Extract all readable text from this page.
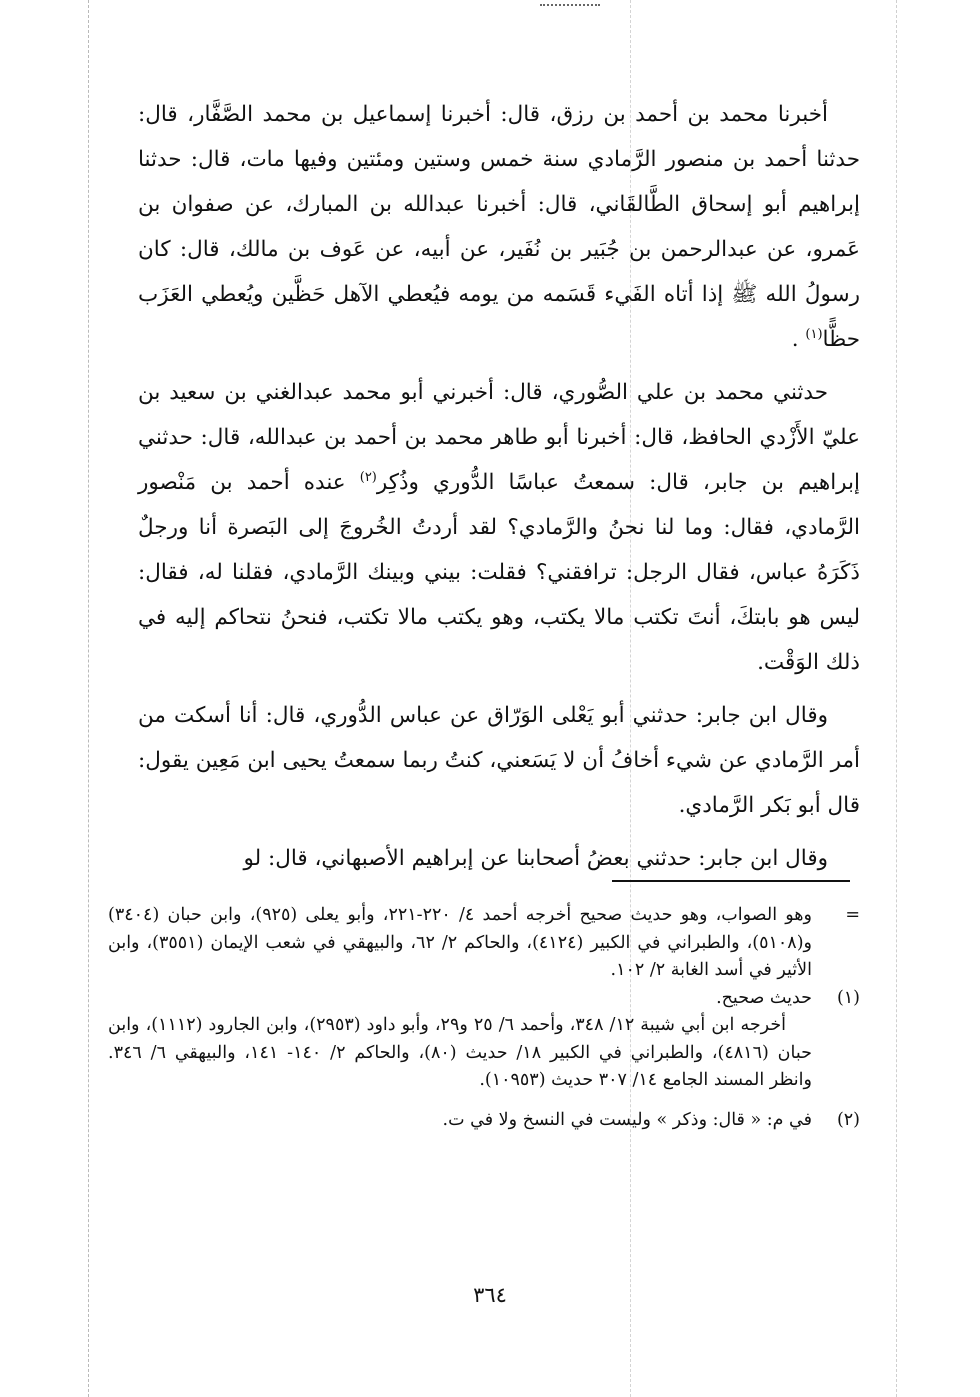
أخبرنا محمد بن أحمد بن رزق، قال: أخبرنا إسماعيل بن محمد الصَّفَّار، قال: حدثنا أحمد بن منصور الرَّمادي سنة خمس وستين ومئتين وفيها مات، قال: حدثنا إبراهيم أبو إسحاق الطَّالقَاني، قال: أخبرنا عبدالله بن المبارك، عن صفوان بن عَمرو، عن عبدالرحمن بن جُبَير بن نُفَير، عن أبيه، عن عَوف بن مالك، قال: كان رسولُ الله ﷺ إذا أتاه الفَيء قَسَمه من يومه فيُعطي الآهل حَظَّين ويُعطي العَزَب حظًّا$^{(١)}$ .

حدثني محمد بن علي الصُّوري، قال: أخبرني أبو محمد عبدالغني بن سعيد بن عليّ الأَزْدي الحافظ، قال: أخبرنا أبو طاهر محمد بن أحمد بن عبدالله، قال: حدثني إبراهيم بن جابر، قال: سمعتُ عباسًا الدُّوري وذُكِر$^{(٢)}$ عنده أحمد بن مَنْصور الرَّمادي، فقال: وما لنا نحنُ والرَّمادي؟ لقد أردتُ الخُروجَ إلى البَصرة أنا ورجلٌ ذَكَرَهُ عباس، فقال الرجل: ترافقني؟ فقلت: بيني وبينك الرَّمادي، فقلنا له، فقال: ليس هو بابتكَ، أنتَ تكتب مالا يكتب، وهو يكتب مالا تكتب، فنحنُ نتحاكم إليه في ذلك الوَقْت.

وقال ابن جابر: حدثني أبو يَعْلى الوَرّاق عن عباس الدُّوري، قال: أنا أسكت من أمر الرَّمادي عن شيء أخافُ أن لا يَسَعني، كنتُ ربما سمعتُ يحيى ابن مَعِين يقول: قال أبو بَكر الرَّمادي.

وقال ابن جابر: حدثني بعضُ أصحابنا عن إبراهيم الأصبهاني، قال: لو

=
وهو الصواب، وهو حديث صحيح أخرجه أحمد ٤/ ٢٢٠-٢٢١، وأبو يعلى (٩٢٥)، وابن حبان (٣٤٠٤) و(٥١٠٨)، والطبراني في الكبير (٤١٢٤)، والحاكم ٢/ ٦٢، والبيهقي في شعب الإيمان (٣٥٥١)، وابن الأثير في أسد الغابة ٢/ ١٠٢.
(١)
حديث صحيح.

أخرجه ابن أبي شيبة ١٢/ ٣٤٨، وأحمد ٦/ ٢٥ و٢٩، وأبو داود (٢٩٥٣)، وابن الجارود (١١١٢)، وابن حبان (٤٨١٦)، والطبراني في الكبير ١٨/ حديث (٨٠)، والحاكم ٢/ ١٤٠- ١٤١، والبيهقي ٦/ ٣٤٦. وانظر المسند الجامع ١٤/ ٣٠٧ حديث (١٠٩٥٣).

(٢)
في م: « قال: وذكر » وليست في النسخ ولا في ت.
٣٦٤
